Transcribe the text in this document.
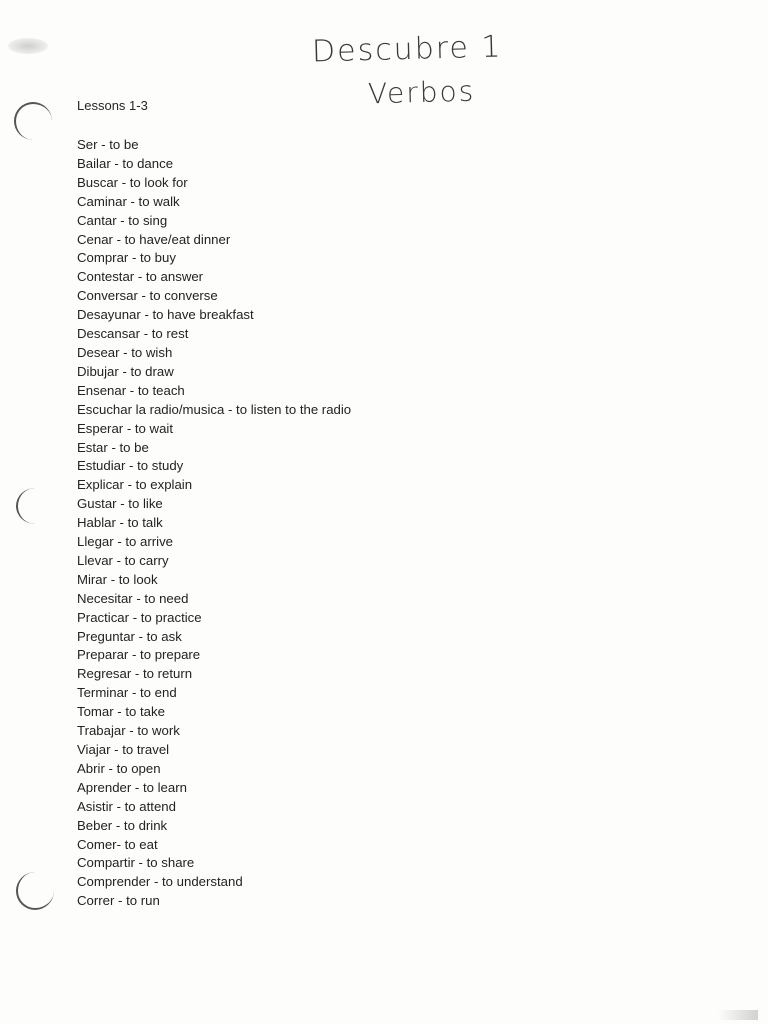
Descubre 1
Verbos
Lessons 1-3
Ser - to be
Bailar - to dance
Buscar - to look for
Caminar - to walk
Cantar - to sing
Cenar - to have/eat dinner
Comprar - to buy
Contestar - to answer
Conversar - to converse
Desayunar - to have breakfast
Descansar - to rest
Desear - to wish
Dibujar - to draw
Ensenar - to teach
Escuchar la radio/musica - to listen to the radio
Esperar - to wait
Estar - to be
Estudiar - to study
Explicar - to explain
Gustar - to like
Hablar - to talk
Llegar - to arrive
Llevar - to carry
Mirar - to look
Necesitar - to need
Practicar - to practice
Preguntar - to ask
Preparar - to prepare
Regresar - to return
Terminar - to end
Tomar - to take
Trabajar - to work
Viajar - to travel
Abrir - to open
Aprender - to learn
Asistir - to attend
Beber - to drink
Comer- to eat
Compartir - to share
Comprender - to understand
Correr - to run
